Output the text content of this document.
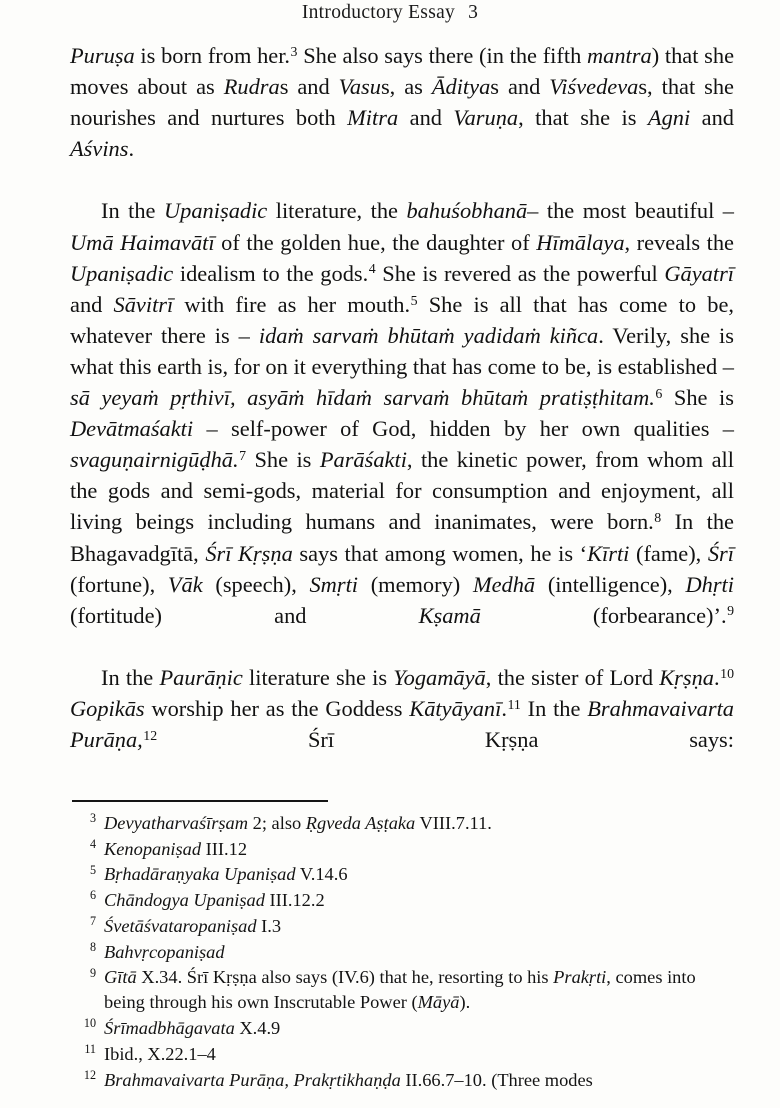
Introductory Essay 3

Puruṣa is born from her.$^3$ She also says there (in the fifth mantra) that she moves about as Rudras and Vasus, as Ādityas and Viśvedevas, that she nourishes and nurtures both Mitra and Varuṇa, that she is Agni and Aśvins.

In the Upaniṣadic literature, the bahuśobhanā– the most beautiful – Umā Haimavātī of the golden hue, the daughter of Hīmālaya, reveals the Upaniṣadic idealism to the gods.$^4$ She is revered as the powerful Gāyatrī and Sāvitrī with fire as her mouth.$^5$ She is all that has come to be, whatever there is – idaṁ sarvaṁ bhūtaṁ yadidaṁ kiñca. Verily, she is what this earth is, for on it everything that has come to be, is established – sā yeyaṁ pṛthivī, asyāṁ hīdaṁ sarvaṁ bhūtaṁ pratiṣṭhitam.$^6$ She is Devātmaśakti – self-power of God, hidden by her own qualities – svaguṇairnigūḍhā.$^7$ She is Parāśakti, the kinetic power, from whom all the gods and semi-gods, material for consumption and enjoyment, all living beings including humans and inanimates, were born.$^8$ In the Bhagavadgītā, Śrī Kṛṣṇa says that among women, he is ‘Kīrti (fame), Śrī (fortune), Vāk (speech), Smṛti (memory) Medhā (intelligence), Dhṛti (fortitude) and Kṣamā (forbearance)’.$^9$

In the Paurāṇic literature she is Yogamāyā, the sister of Lord Kṛṣṇa.$^{10}$ Gopikās worship her as the Goddess Kātyāyanī.$^{11}$ In the Brahmavaivarta Purāṇa,$^{12}$ Śrī Kṛṣṇa says:

3 Devyatharvaśīrṣam 2; also Ṛgveda Aṣṭaka VIII.7.11.
4 Kenopaniṣad III.12
5 Bṛhadāraṇyaka Upaniṣad V.14.6
6 Chāndogya Upaniṣad III.12.2
7 Śvetāśvataropaniṣad I.3
8 Bahvṛcopaniṣad
9 Gītā X.34. Śrī Kṛṣṇa also says (IV.6) that he, resorting to his Prakṛti, comes into being through his own Inscrutable Power (Māyā).
10 Śrīmadbhāgavata X.4.9
11 Ibid., X.22.1–4
12 Brahmavaivarta Purāṇa, Prakṛtikhaṇḍa II.66.7–10. (Three modes
